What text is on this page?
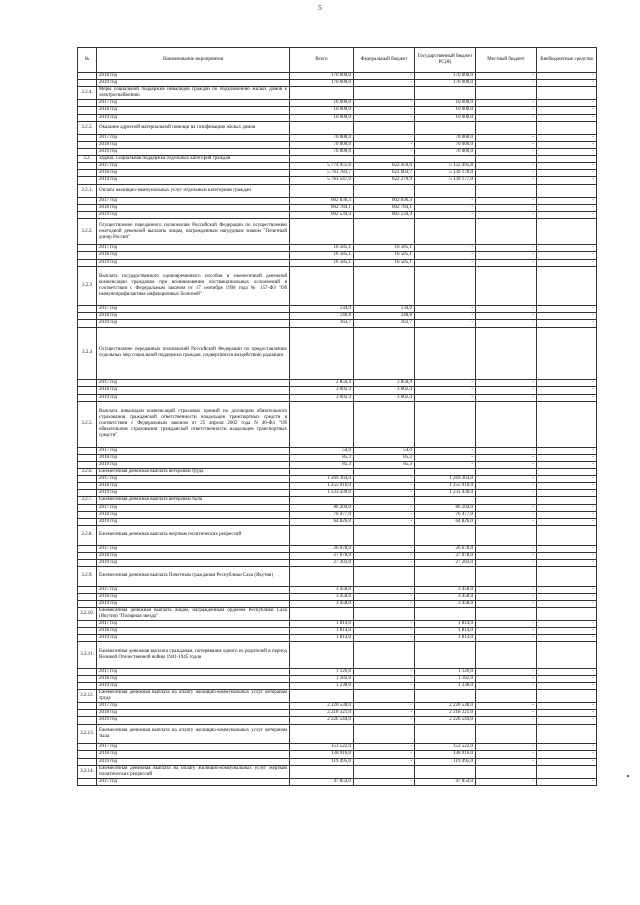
5
№	Наименование мероприятия	Всего	Федеральный бюджет	Государственный бюджет РС(Я)	Местный бюджет	Внебюджетные средства
	2018 год	170 000,0	-	170 000,0	-	-
	2019 год	170 000,0	-	170 000,0	-	-
3.2.4.	Меры социальной поддержки инвалидов граждан по подключению жилых домов к электроснабжению					
	2017 год	10 000,0	-	10 000,0	-	-
	2018 год	10 000,0	-	10 000,0	-	-
	2019 год	10 000,0	-	10 000,0	-	-
3.2.5.	Оказание адресной материальной помощи на газификацию жилых домов					
	2017 год	70 000,0	-	70 000,0	-	-
	2018 год	70 000,0	-	70 000,0	-	-
	2019 год	70 000,0	-	70 000,0	-	-
3.2.	Задача: Социальная поддержка отдельных категорий граждан					
	2017 год	5 774 955,6	622 459,6	5 152 495,8	-	-
	2018 год	5 761 783,7	622 603,7	5 139 178,0	-	-
	2019 год	5 761 547,9	622 270,9	5 139 177,0	-	-
3.2.1.	Оплата жилищно-коммунальных услуг отдельным категориям граждан					
	2017 год	602 836,3	602 836,3	-	-	-
	2018 год	602 784,1	602 784,1	-	-	-
	2019 год	602 534,4	602 534,4	-	-	-
3.2.2.	Осуществление переданного полномочия Российской Федерации по осуществлению ежегодной денежной выплаты лицам, награжденным нагрудным знаком "Почетный донор России"					
	2017 год	16 585,1	16 585,1	-	-	-
	2018 год	16 585,1	16 585,1	-	-	-
	2019 год	16 585,1	16 585,1	-	-	-
3.2.3	Выплата государственного единовременного пособия и ежемесячной денежной компенсации гражданам при возникновении поствакцинальных осложнений в соответствии с Федеральным законом от 17 сентября 1998 года № 157-ФЗ "Об иммунопрофилактике инфекционных болезней"					
	2017 год	134,0	134,0	-	-	-
	2018 год	148,8	148,8	-	-	-
	2019 год	163,7	163,7	-	-	-
3.2.4	Осуществление переданных полномочий Российской Федерации по предоставлению отдельных мер социальной поддержки граждан, подвергшихся воздействию радиации					
	2017 год	2 850,4	2 850,4	-	-	-
	2018 год	3 002,4	3 002,4	-	-	-
	2019 год	3 002,4	3 002,4	-	-	-
3.2.5.	Выплата инвалидам компенсаций страховых премий по договорам обязательного страхования гражданской ответственности владельцев транспортных средств в соответствии с Федеральным законом от 25 апреля 2002 года N 40-ФЗ "Об обязательном страховании гражданской ответственности владельцев транспортных средств"					
	2017 год	54,0	54,0	-	-	-
	2018 год	85,3	85,3	-	-	-
	2019 год	85,3	85,3	-	-	-
3.2.6.	Ежемесячная денежная выплата ветеранам труда					
	2017 год	1 269 364,0	-	1 269 364,0	-	-
	2018 год	1 255 916,0	-	1 255 916,0	-	-
	2019 год	1 233 430,0	-	1 233 430,0	-	-
3.2.7.	Ежемесячная денежная выплата ветеранам тыла					
	2017 год	86 204,0	-	86 204,0	-	-
	2018 год	76 477,0	-	76 477,0	-	-
	2019 год	64 826,0	-	64 826,0	-	-
3.2.8.	Ежемесячная денежная выплата жертвам политических репрессий					
	2017 год	26 678,0	-	26 678,0	-	-
	2018 год	27 078,0	-	27 078,0	-	-
	2019 год	27 203,0	-	27 203,0	-	-
3.2.9.	Ежемесячная денежная выплата Почетным гражданам Республики Саха (Якутия)					
	2017 год	3 458,0	-	3 458,0	-	-
	2018 год	3 458,0	-	3 458,0	-	-
	2019 год	3 458,0	-	3 458,0	-	-
3.2.10.	Ежемесячная денежная выплата лицам, награжденным орденом Республики Саха (Якутия) "Полярная звезда"					
	2017 год	1 814,0	-	1 814,0	-	-
	2018 год	1 814,0	-	1 814,0	-	-
	2019 год	1 814,0	-	1 814,0	-	-
3.2.11.	Ежемесячная денежная выплата гражданам, потерявшим одного из родителей в период Великой Отечественной войны 1941-1945 годов					
	2017 год	1 126,0	-	1 126,0	-	-
	2018 год	1 182,0	-	1 182,0	-	-
	2019 год	1 238,0	-	1 238,0	-	-
3.2.12.	Ежемесячная денежная выплата на оплату жилищно-коммунальных услуг ветеранам труда					
	2017 год	2 220 538,0	-	2 220 538,0	-	-
	2018 год	2 218 321,0	-	2 218 321,0	-	-
	2019 год	2 226 544,0	-	2 226 544,0	-	-
3.2.13.	Ежемесячная денежная выплата на оплату жилищно-коммунальных услуг ветеранам тыла					
	2017 год	153 522,0	-	153 522,0	-	-
	2018 год	138 916,0	-	138 916,0	-	-
	2019 год	119 495,0	-	119 495,0	-	-
3.2.14.	Ежемесячная денежная выплата на оплату жилищно-коммунальных услуг жертвам политических репрессий					
	2017 год	47 854,0	-	47 854,0	-	-
